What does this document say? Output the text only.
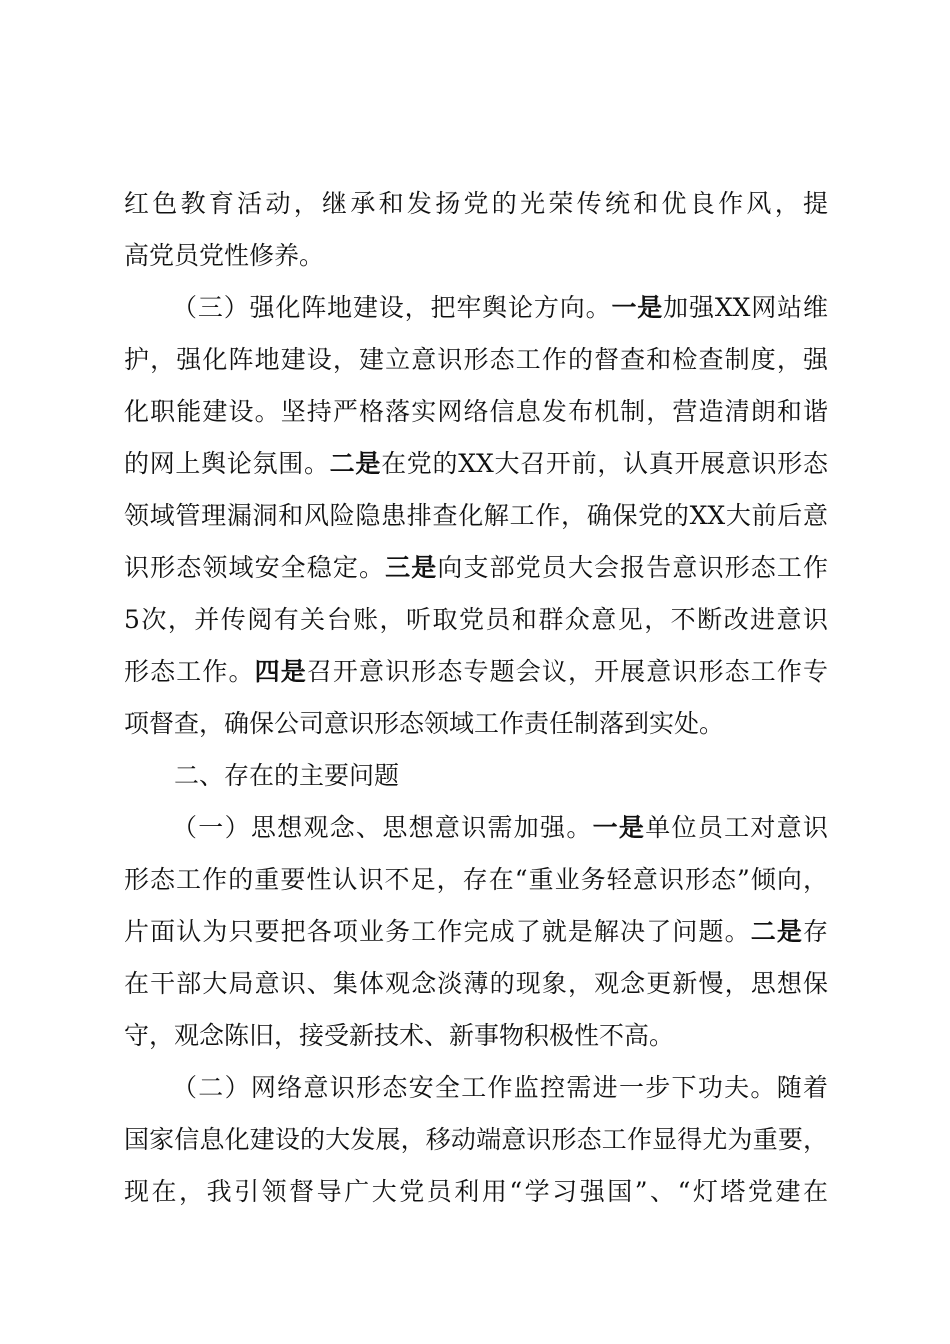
红色教育活动，继承和发扬党的光荣传统和优良作风，提
高党员党性修养。
（三）强化阵地建设，把牢舆论方向。一是加强XX网站维
护，强化阵地建设，建立意识形态工作的督查和检查制度，强
化职能建设。坚持严格落实网络信息发布机制，营造清朗和谐
的网上舆论氛围。二是在党的XX大召开前，认真开展意识形态
领域管理漏洞和风险隐患排查化解工作，确保党的XX大前后意
识形态领域安全稳定。三是向支部党员大会报告意识形态工作
5次，并传阅有关台账，听取党员和群众意见，不断改进意识
形态工作。四是召开意识形态专题会议，开展意识形态工作专
项督查，确保公司意识形态领域工作责任制落到实处。
二、存在的主要问题
（一）思想观念、思想意识需加强。一是单位员工对意识
形态工作的重要性认识不足，存在“重业务轻意识形态”倾向，
片面认为只要把各项业务工作完成了就是解决了问题。二是存
在干部大局意识、集体观念淡薄的现象，观念更新慢，思想保
守，观念陈旧，接受新技术、新事物积极性不高。
（二）网络意识形态安全工作监控需进一步下功夫。随着
国家信息化建设的大发展，移动端意识形态工作显得尤为重要，
现在，我引领督导广大党员利用“学习强国”、“灯塔党建在
